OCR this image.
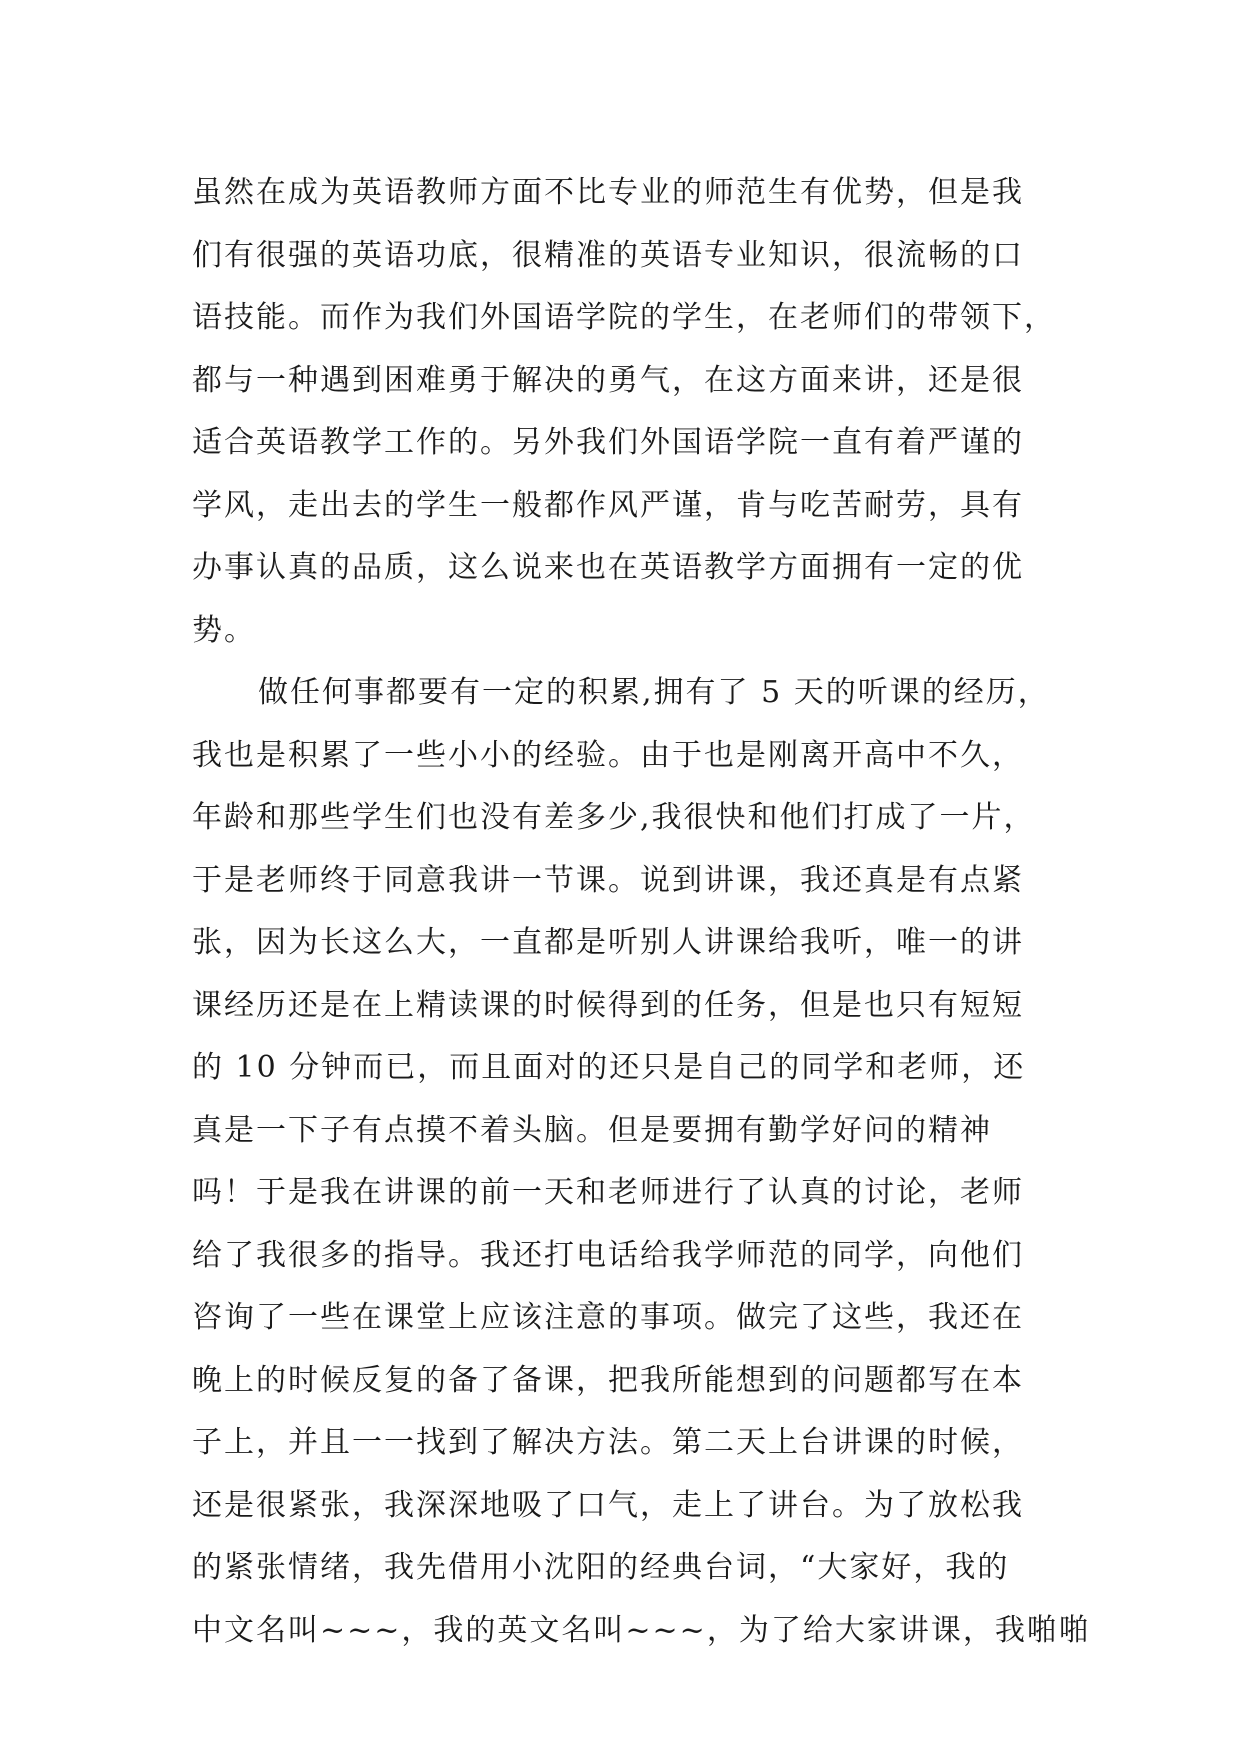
虽然在成为英语教师方面不比专业的师范生有优势，但是我
们有很强的英语功底，很精准的英语专业知识，很流畅的口
语技能。而作为我们外国语学院的学生，在老师们的带领下，
都与一种遇到困难勇于解决的勇气，在这方面来讲，还是很
适合英语教学工作的。另外我们外国语学院一直有着严谨的
学风，走出去的学生一般都作风严谨，肯与吃苦耐劳，具有
办事认真的品质，这么说来也在英语教学方面拥有一定的优
势。
做任何事都要有一定的积累,拥有了 5 天的听课的经历，
我也是积累了一些小小的经验。由于也是刚离开高中不久，
年龄和那些学生们也没有差多少,我很快和他们打成了一片，
于是老师终于同意我讲一节课。说到讲课，我还真是有点紧
张，因为长这么大，一直都是听别人讲课给我听，唯一的讲
课经历还是在上精读课的时候得到的任务，但是也只有短短
的 10 分钟而已，而且面对的还只是自己的同学和老师，还
真是一下子有点摸不着头脑。但是要拥有勤学好问的精神
吗！于是我在讲课的前一天和老师进行了认真的讨论，老师
给了我很多的指导。我还打电话给我学师范的同学，向他们
咨询了一些在课堂上应该注意的事项。做完了这些，我还在
晚上的时候反复的备了备课，把我所能想到的问题都写在本
子上，并且一一找到了解决方法。第二天上台讲课的时候，
还是很紧张，我深深地吸了口气，走上了讲台。为了放松我
的紧张情绪，我先借用小沈阳的经典台词，“大家好，我的
中文名叫~~~，我的英文名叫~~~，为了给大家讲课，我啪啪
